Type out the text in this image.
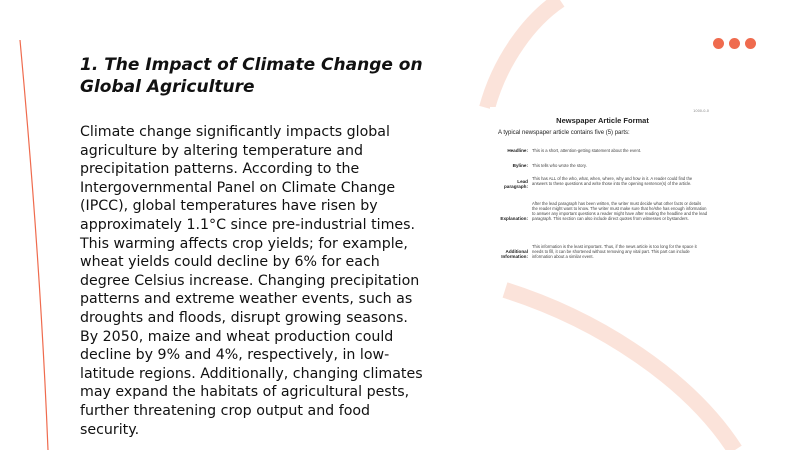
1. The Impact of Climate Change on Global Agriculture

Climate change significantly impacts global agriculture by altering temperature and precipitation patterns. According to the Intergovernmental Panel on Climate Change (IPCC), global temperatures have risen by approximately 1.1°C since pre-industrial times. This warming affects crop yields; for example, wheat yields could decline by 6% for each degree Celsius increase. Changing precipitation patterns and extreme weather events, such as droughts and floods, disrupt growing seasons. By 2050, maize and wheat production could decline by 9% and 4%, respectively, in low-latitude regions. Additionally, changing climates may expand the habitats of agricultural pests, further threatening crop output and food security.

1000-0-0
Newspaper Article Format
A typical newspaper article contains five (5) parts:
Headline: This is a short, attention-getting statement about the event.
Byline: This tells who wrote the story.
Lead paragraph:
This has ALL of the who, what, when, where, why and how in it. A reader could find the answers to these questions and write those into the opening sentence(s) of the article.
Explanation:
After the lead paragraph has been written, the writer must decide what other facts or details the reader might want to know. The writer must make sure that he/she has enough information to answer any important questions a reader might have after reading the headline and the lead paragraph. This section can also include direct quotes from witnesses or bystanders.
Additional Information:
This information is the least important. Thus, if the news article is too long for the space it needs to fill, it can be shortened without removing any vital part. This part can include information about a similar event.
